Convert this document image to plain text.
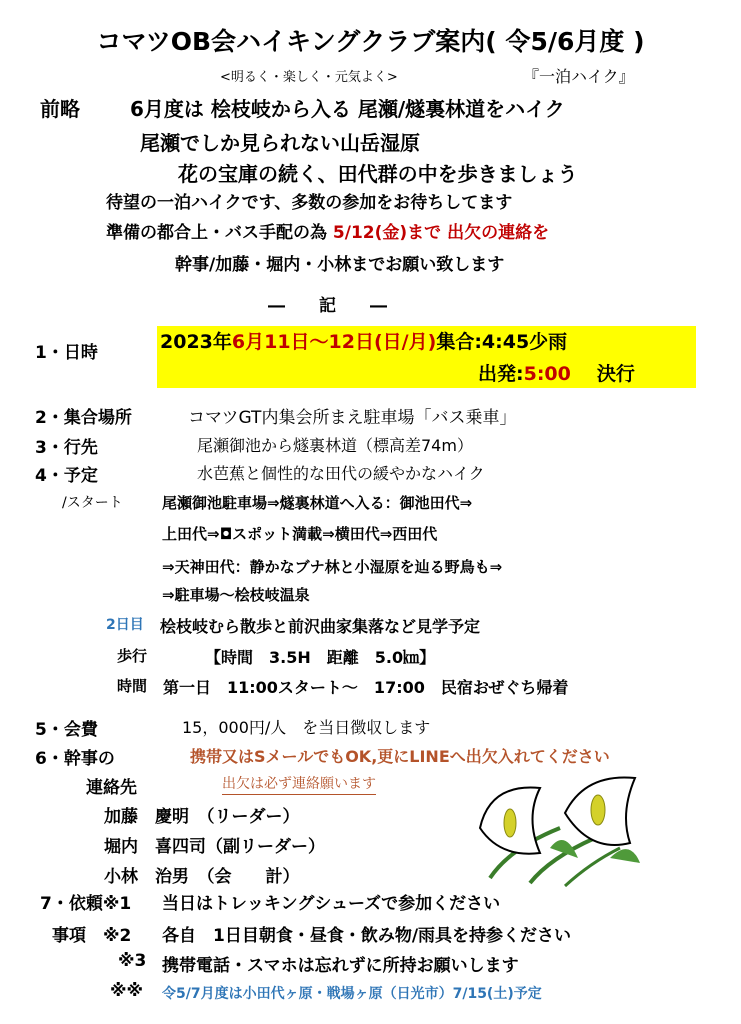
コマツOB会ハイキングクラブ案内( 令5/6月度 )
<明るく・楽しく・元気よく>	『一泊ハイク』
前略	6月度は 桧枝岐から入る 尾瀬/燧裏林道をハイク
尾瀬でしか見られない山岳湿原
花の宝庫の続く、田代群の中を歩きましょう
待望の一泊ハイクです、多数の参加をお待ちしてます
準備の都合上・バス手配の為 5/12(金)まで 出欠の連絡を
幹事/加藤・堀内・小林までお願い致します
―　　記　　―
1・日時	2023年6月11日～12日(日/月)集合:4:45少雨
出発:5:00 決行
2・集合場所	コマツGT内集会所まえ駐車場「バス乗車」
3・行先	尾瀬御池から燧裏林道（標高差74m）
4・予定	水芭蕉と個性的な田代の緩やかなハイク
/スタート	尾瀬御池駐車場⇒燧裏林道へ入る：御池田代⇒
上田代⇒◘スポット満載⇒横田代⇒西田代
⇒天神田代：静かなブナ林と小湿原を辿る野鳥も⇒
⇒駐車場～桧枝岐温泉
2日目 桧枝岐むら散歩と前沢曲家集落など見学予定
歩行	【時間　3.5H　距離　5.0㎞】
時間 第一日　11:00スタート～　17:00　民宿おぜぐち帰着
5・会費	15，000円/人　を当日徴収します
6・幹事の	携帯又はSメールでもOK,更にLINEへ出欠入れてください
連絡先	出欠は必ず連絡願います
加藤　慶明　（リーダー）
堀内　喜四司（副リーダー）
小林　治男　（会　　計）
7・依頼※1 当日はトレッキングシューズで参加ください
事項　※2 各自　1日目朝食・昼食・飲み物/雨具を持参ください
※3 携帯電話・スマホは忘れずに所持お願いします
※※ 令5/7月度は小田代ヶ原・戦場ヶ原（日光市）7/15(土)予定
